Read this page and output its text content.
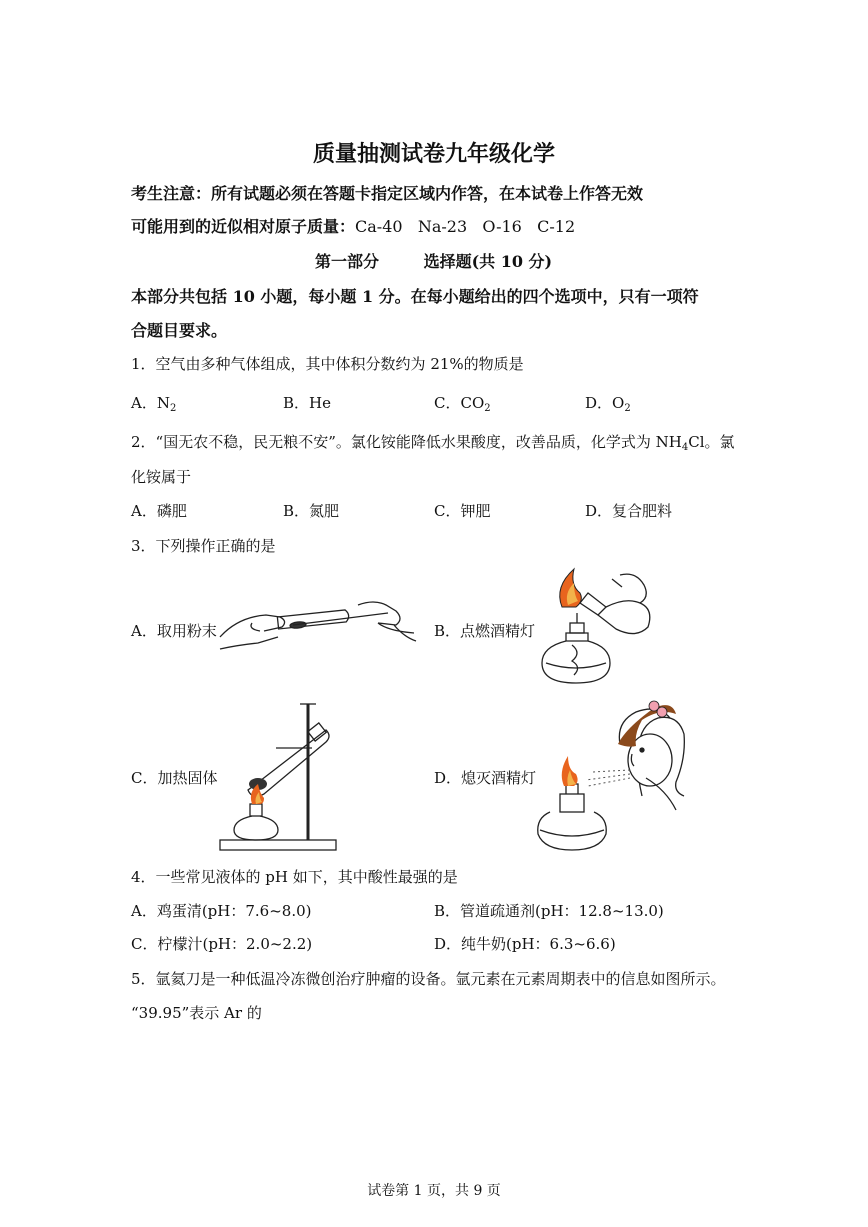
质量抽测试卷九年级化学
考生注意：所有试题必须在答题卡指定区域内作答，在本试卷上作答无效
可能用到的近似相对原子质量：Ca-40   Na-23   O-16   C-12
第一部分        选择题(共 10 分)
本部分共包括 10 小题，每小题 1 分。在每小题给出的四个选项中，只有一项符
合题目要求。
1．空气由多种气体组成，其中体积分数约为 21%的物质是
A．$N_2$	B．He	C．$CO_2$	D．$O_2$
2．“国无农不稳，民无粮不安”。氯化铵能降低水果酸度，改善品质，化学式为 $NH_4Cl$。氯
化铵属于
A．磷肥	B．氮肥	C．钾肥	D．复合肥料
3．下列操作正确的是
A．取用粉末	B．点燃酒精灯
C．加热固体	D．熄灭酒精灯
4．一些常见液体的 pH 如下，其中酸性最强的是
A．鸡蛋清(pH：7.6~8.0)	B．管道疏通剂(pH：12.8~13.0)
C．柠檬汁(pH：2.0~2.2)	D．纯牛奶(pH：6.3~6.6)
5．氩氦刀是一种低温冷冻微创治疗肿瘤的设备。氩元素在元素周期表中的信息如图所示。
“39.95”表示 Ar 的
试卷第 1 页，共 9 页
